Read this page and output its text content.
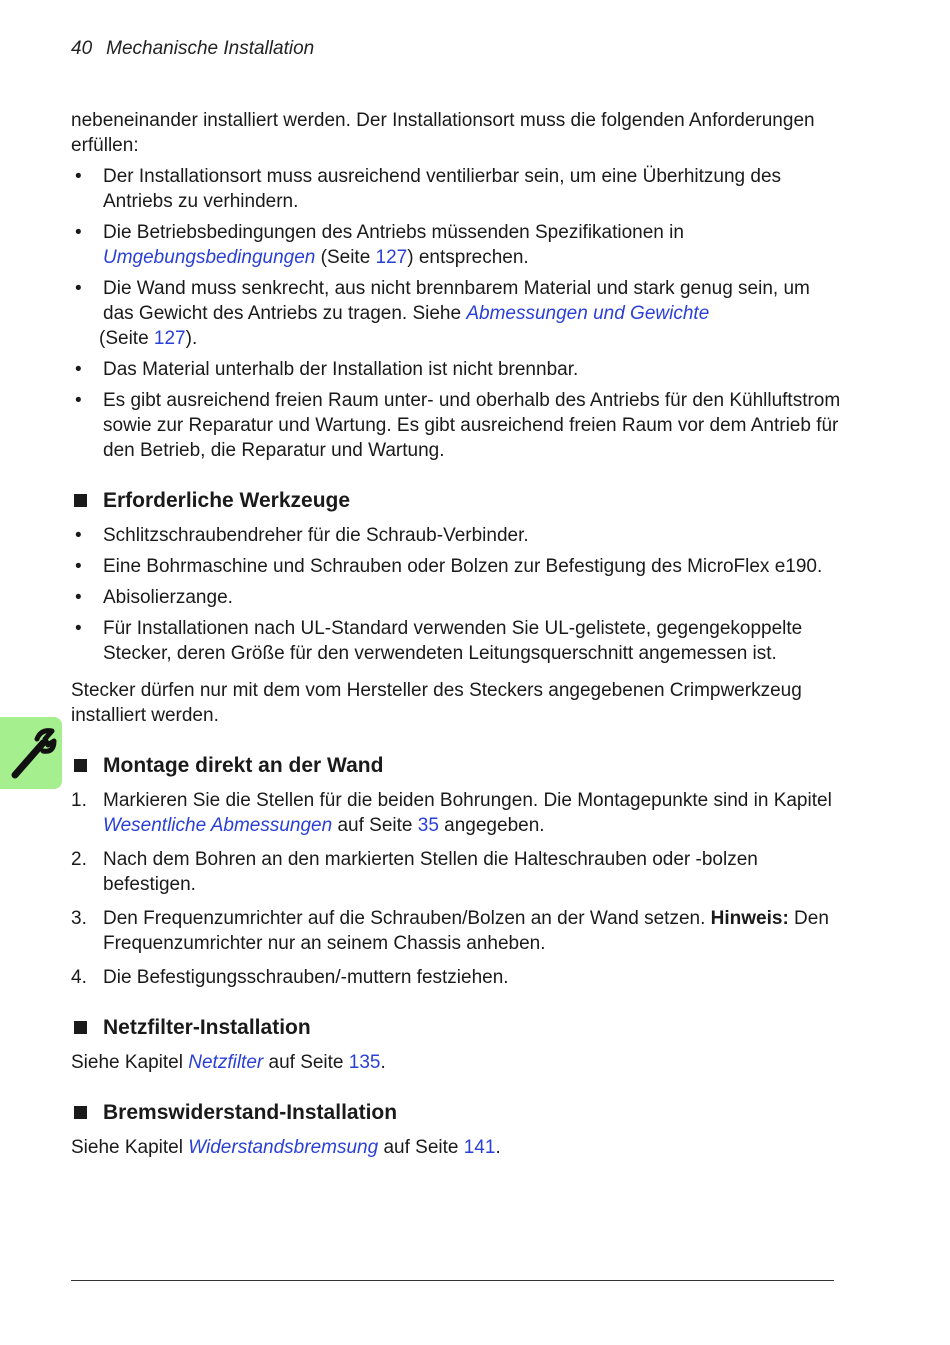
40 Mechanische Installation

nebeneinander installiert werden. Der Installationsort muss die folgenden Anforderungen erfüllen:

• Der Installationsort muss ausreichend ventilierbar sein, um eine Überhitzung des Antriebs zu verhindern.
• Die Betriebsbedingungen des Antriebs müssenden Spezifikationen in Umgebungsbedingungen (Seite 127) entsprechen.
• Die Wand muss senkrecht, aus nicht brennbarem Material und stark genug sein, um das Gewicht des Antriebs zu tragen. Siehe Abmessungen und Gewichte
(Seite 127).
• Das Material unterhalb der Installation ist nicht brennbar.
• Es gibt ausreichend freien Raum unter- und oberhalb des Antriebs für den Kühlluftstrom sowie zur Reparatur und Wartung. Es gibt ausreichend freien Raum vor dem Antrieb für den Betrieb, die Reparatur und Wartung.
Erforderliche Werkzeuge
• Schlitzschraubendreher für die Schraub-Verbinder.
• Eine Bohrmaschine und Schrauben oder Bolzen zur Befestigung des MicroFlex e190.
• Abisolierzange.
• Für Installationen nach UL-Standard verwenden Sie UL-gelistete, gegengekoppelte Stecker, deren Größe für den verwendeten Leitungsquerschnitt angemessen ist.

Stecker dürfen nur mit dem vom Hersteller des Steckers angegebenen Crimpwerkzeug installiert werden.

Montage direkt an der Wand
1. Markieren Sie die Stellen für die beiden Bohrungen. Die Montagepunkte sind in Kapitel Wesentliche Abmessungen auf Seite 35 angegeben.
2. Nach dem Bohren an den markierten Stellen die Halteschrauben oder -bolzen befestigen.
3. Den Frequenzumrichter auf die Schrauben/Bolzen an der Wand setzen. Hinweis: Den Frequenzumrichter nur an seinem Chassis anheben.
4. Die Befestigungsschrauben/-muttern festziehen.
Netzfilter-Installation

Siehe Kapitel Netzfilter auf Seite 135.

Bremswiderstand-Installation

Siehe Kapitel Widerstandsbremsung auf Seite 141.
